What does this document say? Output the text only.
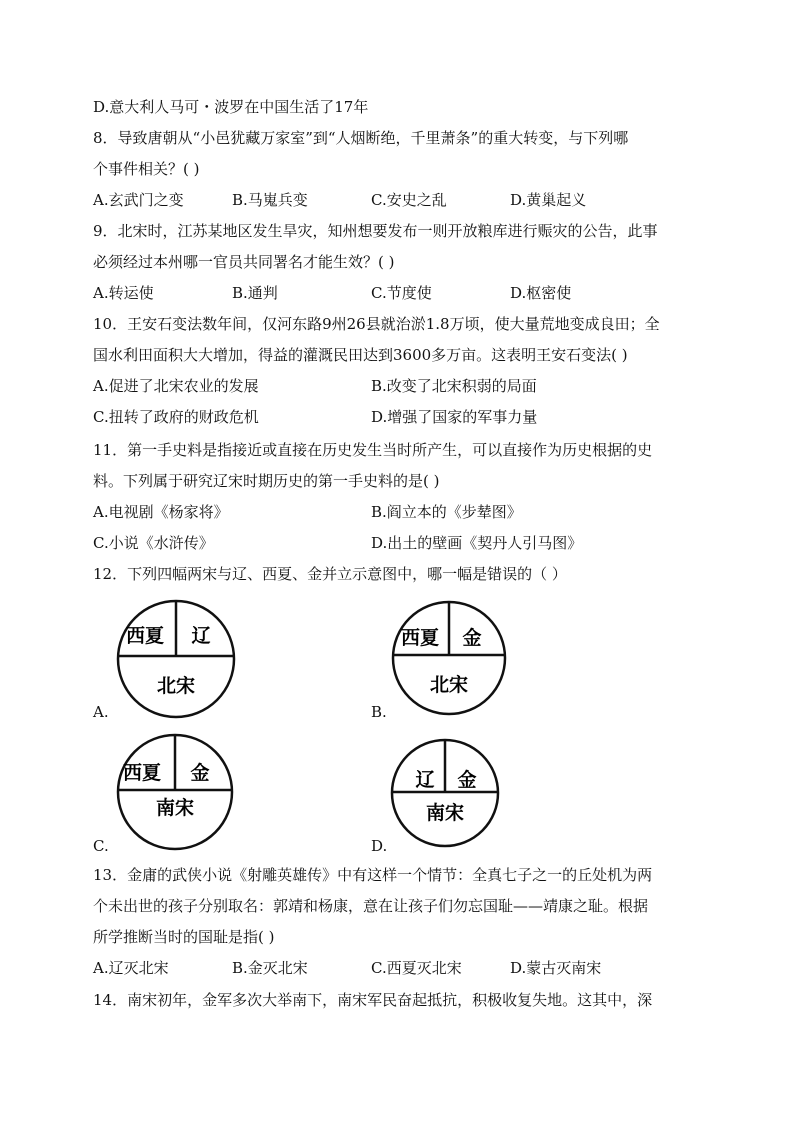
D.意大利人马可・波罗在中国生活了17年
8．导致唐朝从“小邑犹藏万家室”到“人烟断绝，千里萧条”的重大转变，与下列哪
个事件相关？( )
A.玄武门之变	B.马嵬兵变	C.安史之乱	D.黄巢起义
9．北宋时，江苏某地区发生旱灾，知州想要发布一则开放粮库进行赈灾的公告，此事
必须经过本州哪一官员共同署名才能生效？( )
A.转运使	B.通判	C.节度使	D.枢密使
10．王安石变法数年间，仅河东路9州26县就治淤1.8万顷，使大量荒地变成良田；全
国水利田面积大大增加，得益的灌溉民田达到3600多万亩。这表明王安石变法( )
A.促进了北宋农业的发展	B.改变了北宋积弱的局面
C.扭转了政府的财政危机	D.增强了国家的军事力量
11．第一手史料是指接近或直接在历史发生当时所产生，可以直接作为历史根据的史
料。下列属于研究辽宋时期历史的第一手史料的是( )
A.电视剧《杨家将》	B.阎立本的《步辇图》
C.小说《水浒传》	D.出土的壁画《契丹人引马图》
12．下列四幅两宋与辽、西夏、金并立示意图中，哪一幅是错误的（ ）
西夏 辽
北宋
A.
西夏 金
北宋
B.
西夏 金
南宋
C.
辽 金
南宋
D.
13．金庸的武侠小说《射雕英雄传》中有这样一个情节：全真七子之一的丘处机为两
个未出世的孩子分别取名：郭靖和杨康，意在让孩子们勿忘国耻——靖康之耻。根据
所学推断当时的国耻是指( )
A.辽灭北宋	B.金灭北宋	C.西夏灭北宋	D.蒙古灭南宋
14．南宋初年，金军多次大举南下，南宋军民奋起抵抗，积极收复失地。这其中，深
